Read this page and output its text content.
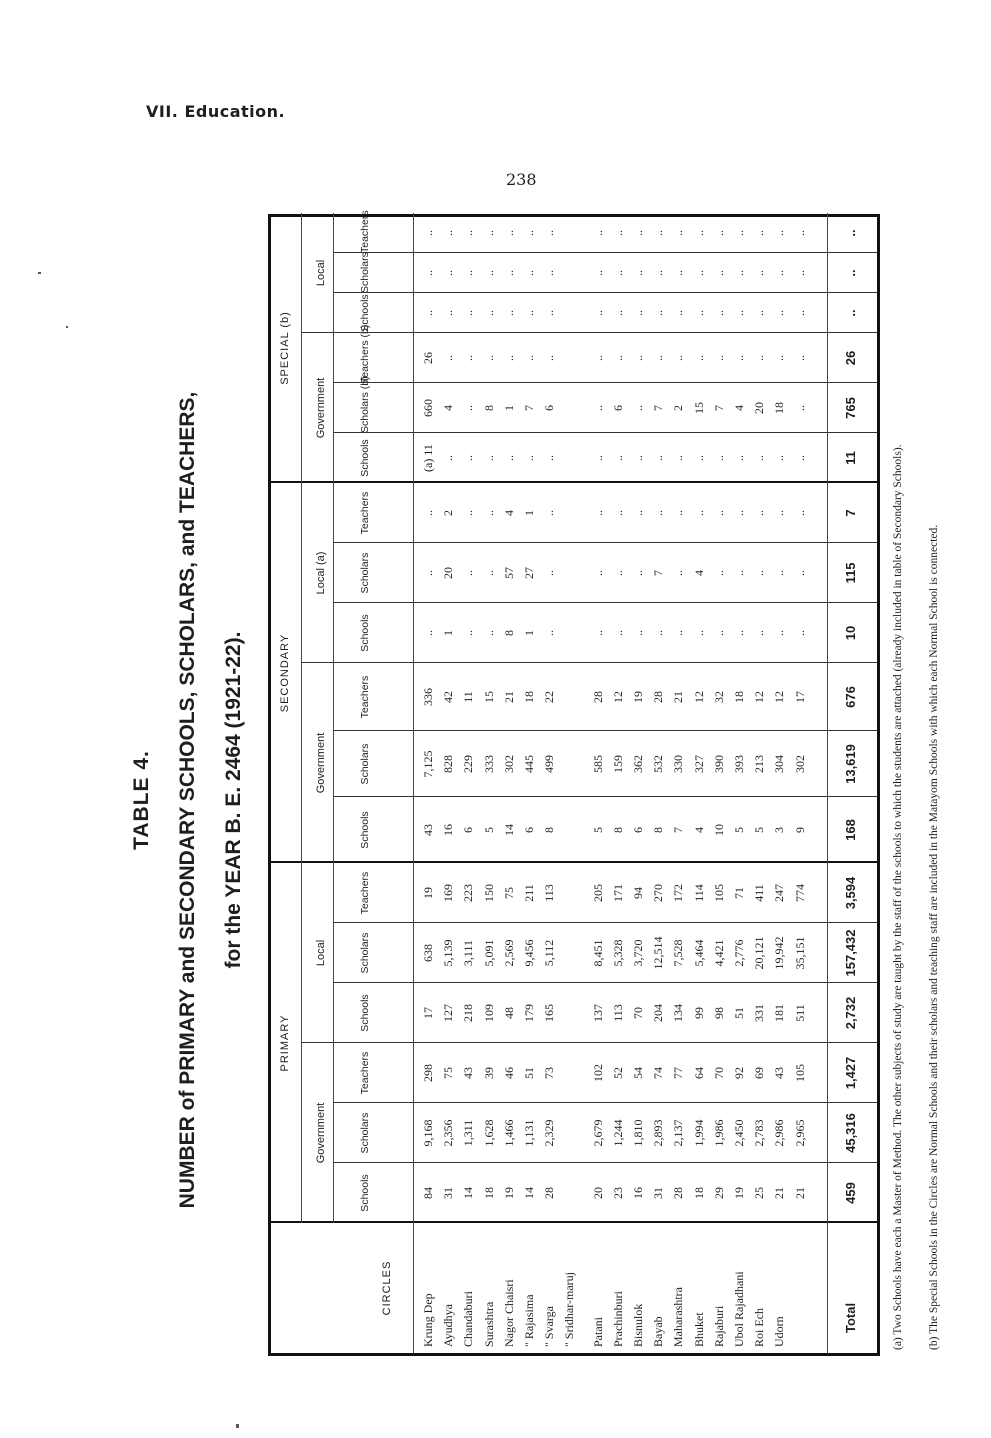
VII. Education.
238
TABLE 4. NUMBER of PRIMARY and SECONDARY SCHOOLS, SCHOLARS, and TEACHERS, for the YEAR B. E. 2464 (1921-22).
CIRCLES
PRIMARY
SECONDARY
SPECIAL (b)
Government
Local
Government
Local (a)
Government
Local
Schools
Scholars
Teachers
Schools
Scholars
Teachers
Schools
Scholars
Teachers
Schools
Scholars
Teachers
Schools
Scholars (b)
Teachers (b)
Schools
Scholars
Teachers
Krung Dep
84
9,168
298
17
638
19
43
7,125
336
..
..
..
(a) 11
660
26
..
..
..
Ayudhya
31
2,356
75
127
5,139
169
16
828
42
1
20
2
..
4
..
..
..
..
Chandaburi
14
1,311
43
218
3,111
223
6
229
11
..
..
..
..
..
..
..
..
..
Surashtra
18
1,628
39
109
5,091
150
5
333
15
..
..
..
..
8
..
..
..
..
Nagor Chaisri
19
1,466
46
48
2,569
75
14
302
21
8
57
4
..
1
..
..
..
..
" Rajasima
14
1,131
51
179
9,456
211
6
445
18
1
27
1
..
7
..
..
..
..
" Svarga
28
2,329
73
165
5,112
113
8
499
22
..
..
..
..
6
..
..
..
..
" Sridhar-maruj Patani
20
2,679
102
137
8,451
205
5
585
28
..
..
..
..
..
..
..
..
..
Prachinburi
23
1,244
52
113
5,328
171
8
159
12
..
..
..
..
6
..
..
..
..
Bisnulok
16
1,810
54
70
3,720
94
6
362
19
..
..
..
..
..
..
..
..
..
Bayab
31
2,893
74
204
12,514
270
8
532
28
..
7
..
..
7
..
..
..
..
Maharashtra
28
2,137
77
134
7,528
172
7
330
21
..
..
..
..
2
..
..
..
..
Bhuket
18
1,994
64
99
5,464
114
4
327
12
..
4
..
..
15
..
..
..
..
Rajaburi
29
1,986
70
98
4,421
105
10
390
32
..
..
..
..
7
..
..
..
..
Ubol Rajadhani
19
2,450
92
51
2,776
71
5
393
18
..
..
..
..
4
..
..
..
..
Roi Ech
25
2,783
69
331
20,121
411
5
213
12
..
..
..
..
20
..
..
..
..
Udorn
21
2,986
43
181
19,942
247
3
304
12
..
..
..
..
18
..
..
..
..
21
2,965
105
511
35,151
774
9
302
17
..
..
..
..
..
..
..
..
..
Total
459
45,316
1,427
2,732
157,432
3,594
168
13,619
676
10
115
7
11
765
26
..
..
..
(a) Two Schools have each a Master of Method. The other subjects of study are taught by the staff of the schools to which the students are attached (already included in table of Secondary Schools). (b) The Special Schools in the Circles are Normal Schools and their scholars and teaching staff are included in the Matayom Schools with which each Normal School is connected.
